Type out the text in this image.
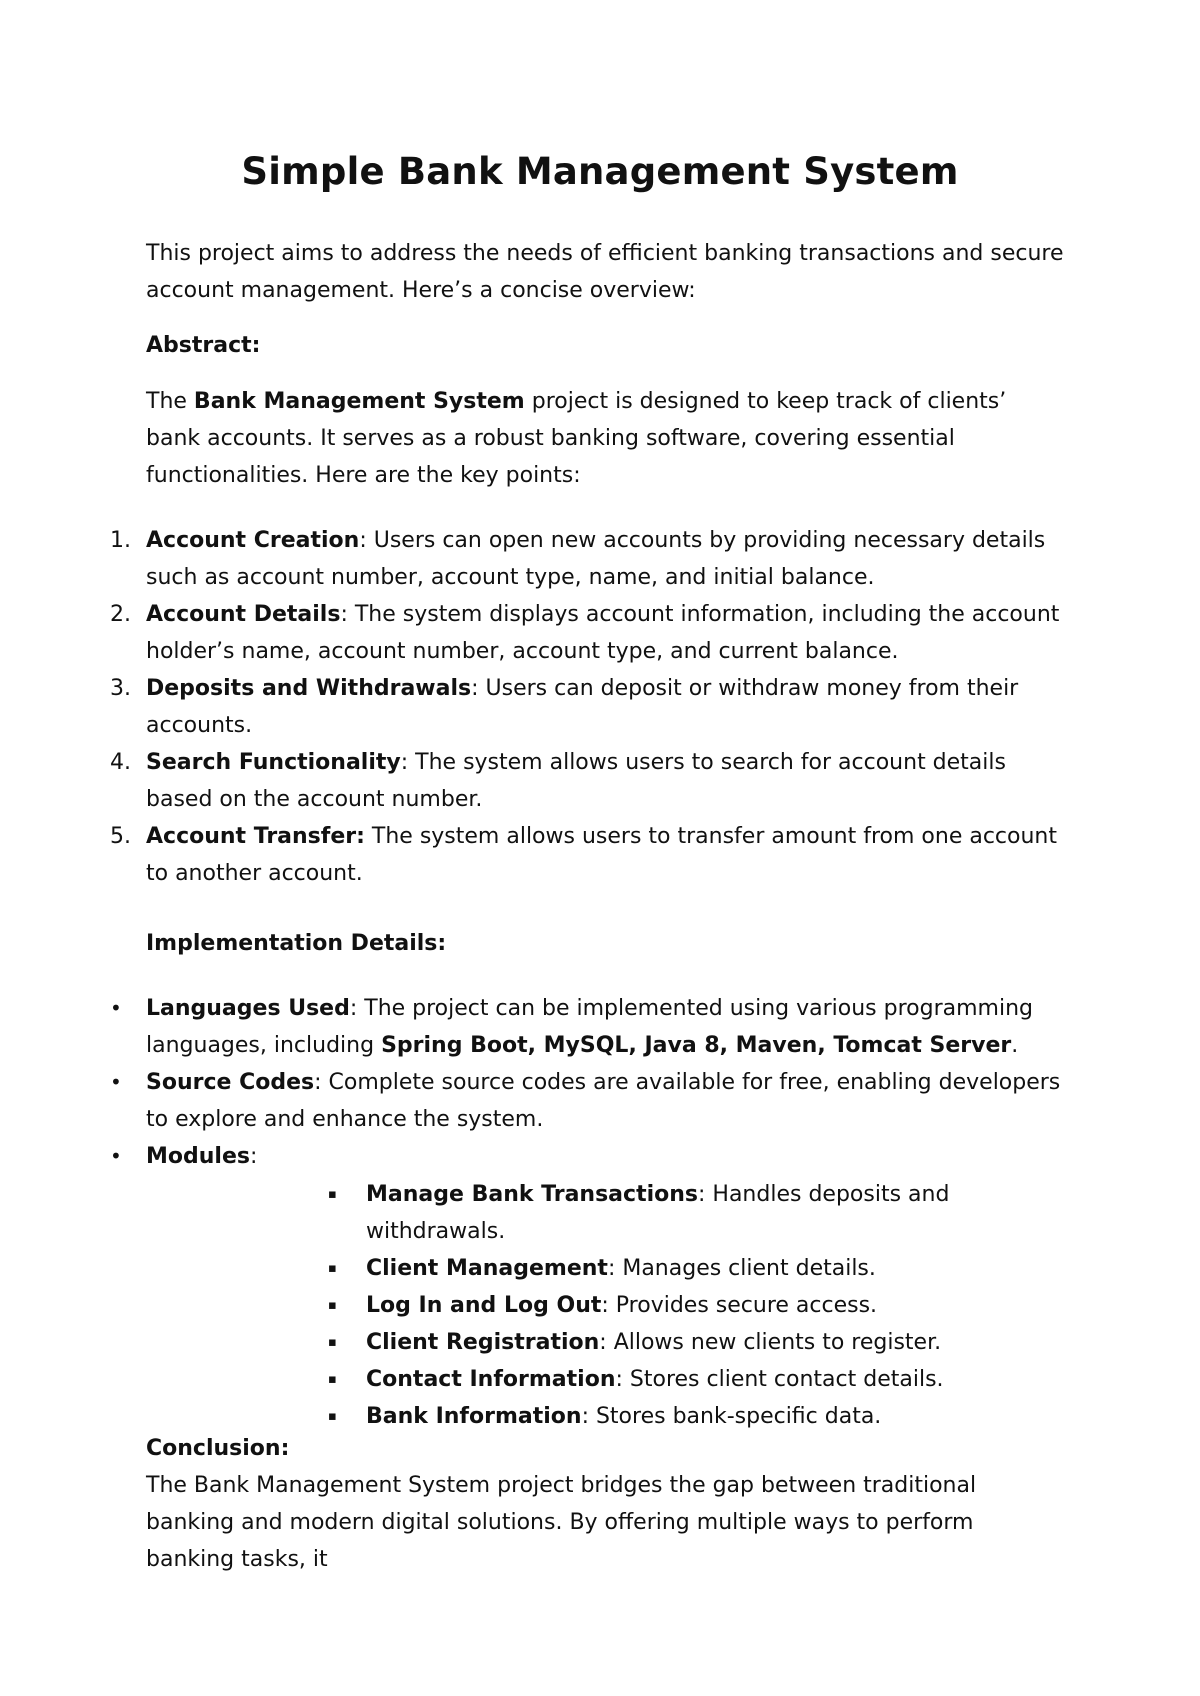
Simple Bank Management System

This project aims to address the needs of efficient banking transactions and secure account management. Here’s a concise overview:

Abstract:

The Bank Management System project is designed to keep track of clients’ bank accounts. It serves as a robust banking software, covering essential functionalities. Here are the key points:

1. Account Creation: Users can open new accounts by providing necessary details such as account number, account type, name, and initial balance.
2. Account Details: The system displays account information, including the account holder’s name, account number, account type, and current balance.
3. Deposits and Withdrawals: Users can deposit or withdraw money from their accounts.
4. Search Functionality: The system allows users to search for account details based on the account number.
5. Account Transfer: The system allows users to transfer amount from one account to another account.

Implementation Details:

• Languages Used: The project can be implemented using various programming languages, including Spring Boot, MySQL, Java 8, Maven, Tomcat Server.
• Source Codes: Complete source codes are available for free, enabling developers to explore and enhance the system.
• Modules:
▪ Manage Bank Transactions: Handles deposits and withdrawals.
▪ Client Management: Manages client details.
▪ Log In and Log Out: Provides secure access.
▪ Client Registration: Allows new clients to register.
▪ Contact Information: Stores client contact details.
▪ Bank Information: Stores bank-specific data.

Conclusion:

The Bank Management System project bridges the gap between traditional banking and modern digital solutions. By offering multiple ways to perform banking tasks, it
